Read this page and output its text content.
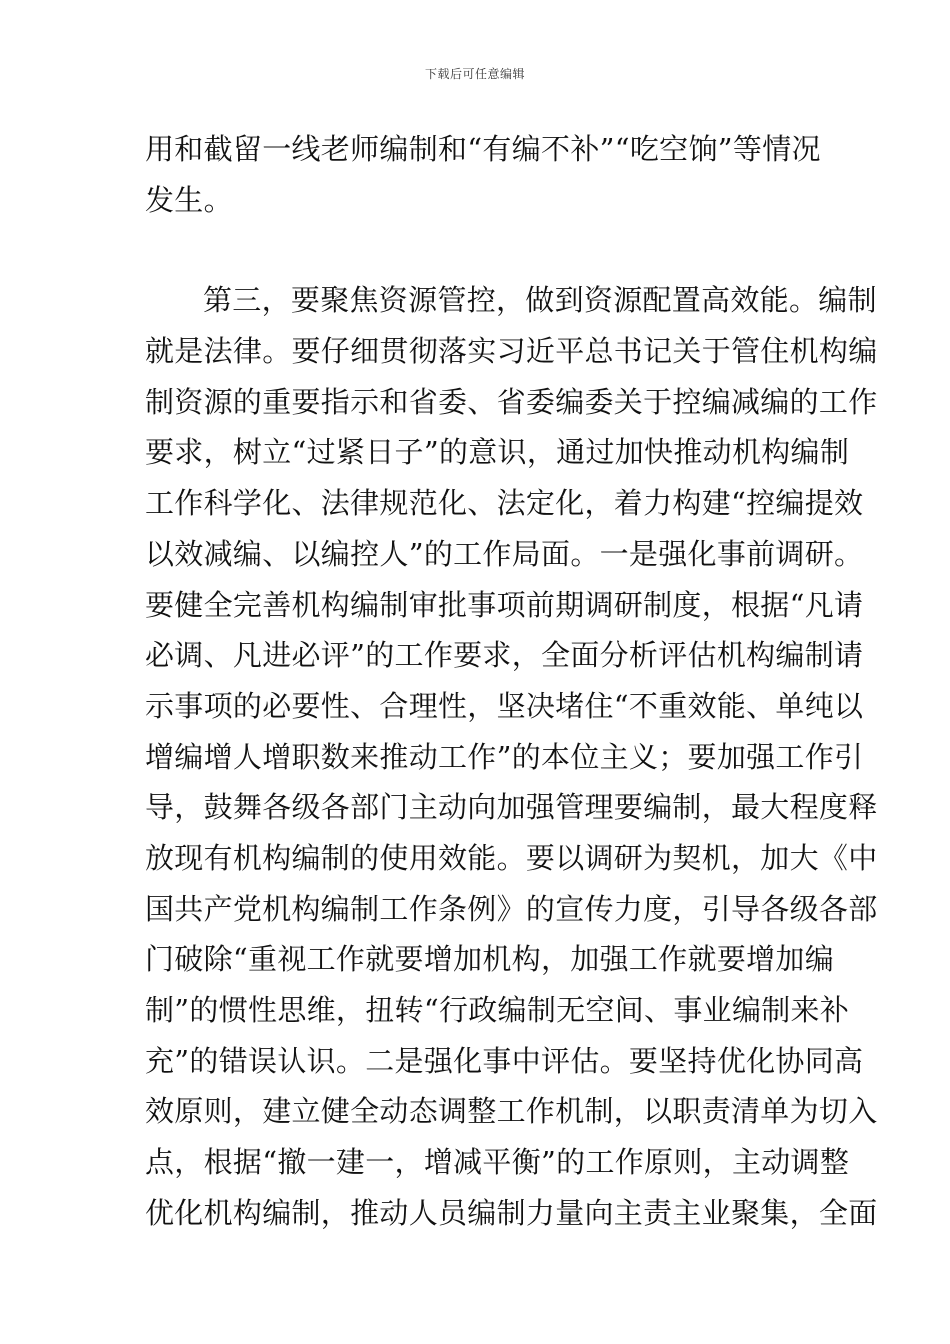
下载后可任意编辑
用和截留一线老师编制和“有编不补”“吃空饷”等情况
发生。
第三，要聚焦资源管控，做到资源配置高效能。编制
就是法律。要仔细贯彻落实习近平总书记关于管住机构编
制资源的重要指示和省委、省委编委关于控编减编的工作
要求，树立“过紧日子”的意识，通过加快推动机构编制
工作科学化、法律规范化、法定化，着力构建“控编提效
以效减编、以编控人”的工作局面。一是强化事前调研。
要健全完善机构编制审批事项前期调研制度，根据“凡请
必调、凡进必评”的工作要求，全面分析评估机构编制请
示事项的必要性、合理性，坚决堵住“不重效能、单纯以
增编增人增职数来推动工作”的本位主义；要加强工作引
导，鼓舞各级各部门主动向加强管理要编制，最大程度释
放现有机构编制的使用效能。要以调研为契机，加大《中
国共产党机构编制工作条例》的宣传力度，引导各级各部
门破除“重视工作就要增加机构，加强工作就要增加编
制”的惯性思维，扭转“行政编制无空间、事业编制来补
充”的错误认识。二是强化事中评估。要坚持优化协同高
效原则，建立健全动态调整工作机制，以职责清单为切入
点，根据“撤一建一，增减平衡”的工作原则，主动调整
优化机构编制，推动人员编制力量向主责主业聚集，全面
